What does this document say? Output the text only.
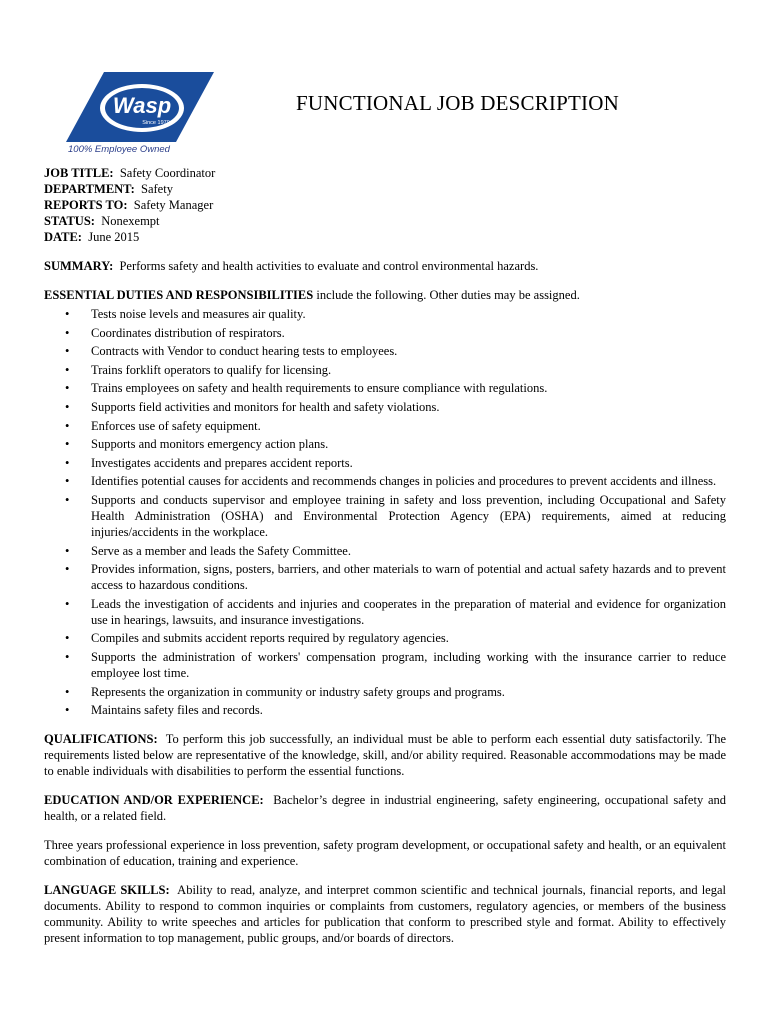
Wasp
Since 1979
100% Employee Owned
FUNCTIONAL JOB DESCRIPTION

JOB TITLE: Safety Coordinator

DEPARTMENT: Safety

REPORTS TO: Safety Manager

STATUS: Nonexempt

DATE: June 2015

SUMMARY: Performs safety and health activities to evaluate and control environmental hazards.

ESSENTIAL DUTIES AND RESPONSIBILITIES include the following. Other duties may be assigned.

• Tests noise levels and measures air quality.
• Coordinates distribution of respirators.
• Contracts with Vendor to conduct hearing tests to employees.
• Trains forklift operators to qualify for licensing.
• Trains employees on safety and health requirements to ensure compliance with regulations.
• Supports field activities and monitors for health and safety violations.
• Enforces use of safety equipment.
• Supports and monitors emergency action plans.
• Investigates accidents and prepares accident reports.
• Identifies potential causes for accidents and recommends changes in policies and procedures to prevent accidents and illness.
• Supports and conducts supervisor and employee training in safety and loss prevention, including Occupational and Safety Health Administration (OSHA) and Environmental Protection Agency (EPA) requirements, aimed at reducing injuries/accidents in the workplace.
• Serve as a member and leads the Safety Committee.
• Provides information, signs, posters, barriers, and other materials to warn of potential and actual safety hazards and to prevent access to hazardous conditions.
• Leads the investigation of accidents and injuries and cooperates in the preparation of material and evidence for organization use in hearings, lawsuits, and insurance investigations.
• Compiles and submits accident reports required by regulatory agencies.
• Supports the administration of workers' compensation program, including working with the insurance carrier to reduce employee lost time.
• Represents the organization in community or industry safety groups and programs.
• Maintains safety files and records.

QUALIFICATIONS: To perform this job successfully, an individual must be able to perform each essential duty satisfactorily. The requirements listed below are representative of the knowledge, skill, and/or ability required. Reasonable accommodations may be made to enable individuals with disabilities to perform the essential functions.

EDUCATION AND/OR EXPERIENCE: Bachelor’s degree in industrial engineering, safety engineering, occupational safety and health, or a related field.

Three years professional experience in loss prevention, safety program development, or occupational safety and health, or an equivalent combination of education, training and experience.

LANGUAGE SKILLS: Ability to read, analyze, and interpret common scientific and technical journals, financial reports, and legal documents. Ability to respond to common inquiries or complaints from customers, regulatory agencies, or members of the business community. Ability to write speeches and articles for publication that conform to prescribed style and format. Ability to effectively present information to top management, public groups, and/or boards of directors.
